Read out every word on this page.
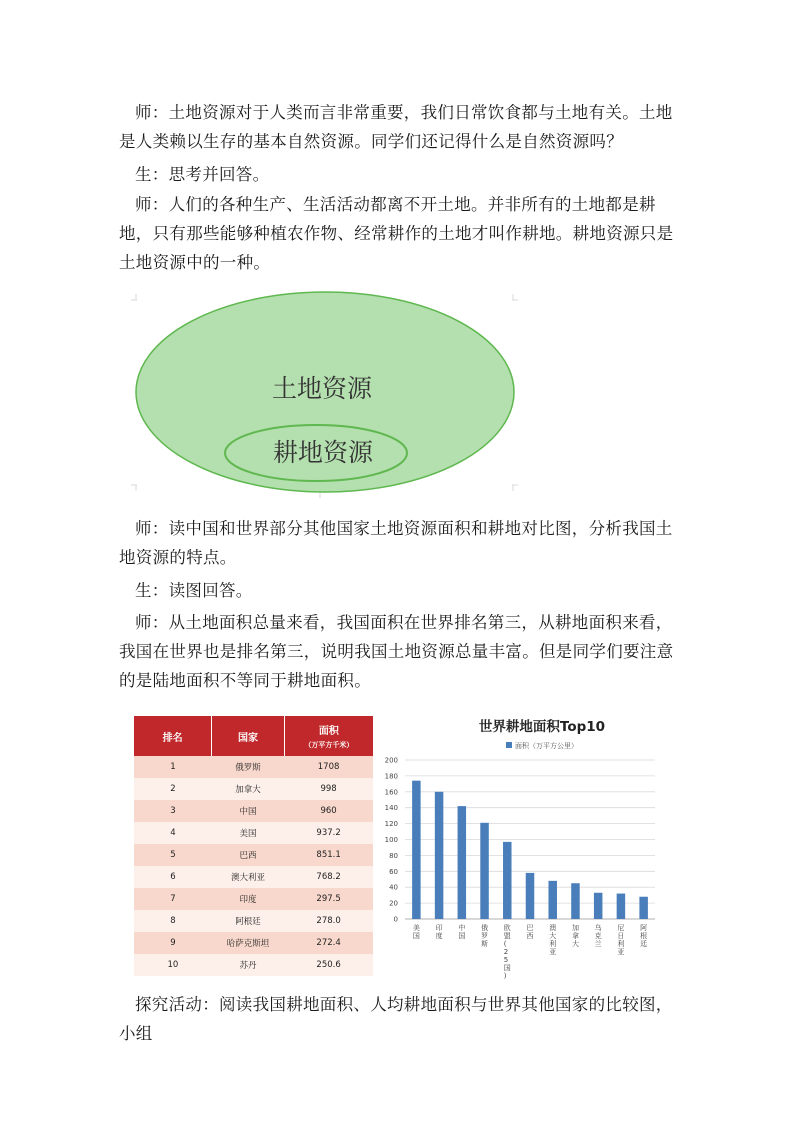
师：土地资源对于人类而言非常重要，我们日常饮食都与土地有关。土地是人类赖以生存的基本自然资源。同学们还记得什么是自然资源吗？

生：思考并回答。

师：人们的各种生产、生活活动都离不开土地。并非所有的土地都是耕地，只有那些能够种植农作物、经常耕作的土地才叫作耕地。耕地资源只是土地资源中的一种。

土地资源
耕地资源

师：读中国和世界部分其他国家土地资源面积和耕地对比图，分析我国土地资源的特点。

生：读图回答。

师：从土地面积总量来看，我国面积在世界排名第三，从耕地面积来看，我国在世界也是排名第三，说明我国土地资源总量丰富。但是同学们要注意的是陆地面积不等同于耕地面积。

排名	国家	面积
（万平方千米）

1	俄罗斯	1708
2	加拿大	998
3	中国	960
4	美国	937.2
5	巴西	851.1
6	澳大利亚	768.2
7	印度	297.5
8	阿根廷	278.0
9	哈萨克斯坦	272.4
10	苏丹	250.6
世界耕地面积Top10
面积（万平方公里）
0
20
40
60
80
100
120
140
160
180
200
美国
印度
中国
俄罗斯
欧盟( 2 5 国)
巴西
澳大利亚
加拿大
乌克兰
尼日利亚
阿根廷

探究活动：阅读我国耕地面积、人均耕地面积与世界其他国家的比较图，小组
